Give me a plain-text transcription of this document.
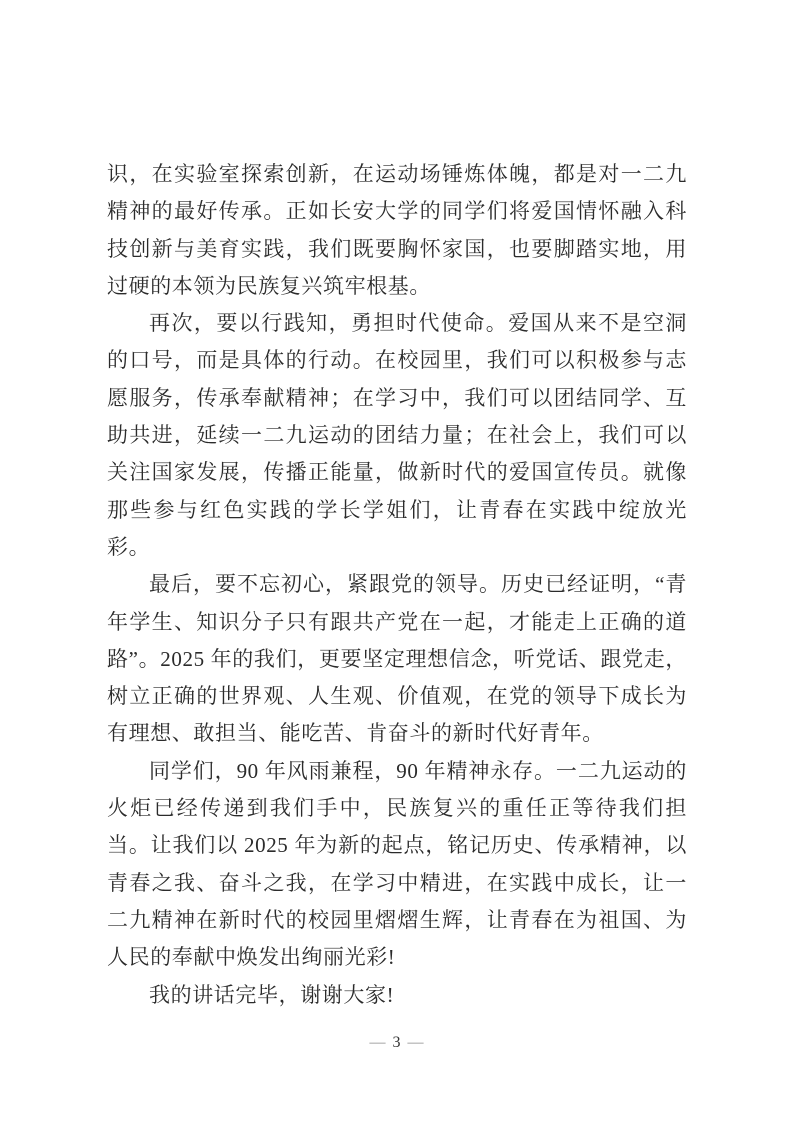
识，在实验室探索创新，在运动场锤炼体魄，都是对一二九精神的最好传承。正如长安大学的同学们将爱国情怀融入科技创新与美育实践，我们既要胸怀家国，也要脚踏实地，用过硬的本领为民族复兴筑牢根基。

再次，要以行践知，勇担时代使命。爱国从来不是空洞的口号，而是具体的行动。在校园里，我们可以积极参与志愿服务，传承奉献精神；在学习中，我们可以团结同学、互助共进，延续一二九运动的团结力量；在社会上，我们可以关注国家发展，传播正能量，做新时代的爱国宣传员。就像那些参与红色实践的学长学姐们，让青春在实践中绽放光彩。

最后，要不忘初心，紧跟党的领导。历史已经证明，“青年学生、知识分子只有跟共产党在一起，才能走上正确的道路”。2025 年的我们，更要坚定理想信念，听党话、跟党走，树立正确的世界观、人生观、价值观，在党的领导下成长为有理想、敢担当、能吃苦、肯奋斗的新时代好青年。

同学们，90 年风雨兼程，90 年精神永存。一二九运动的火炬已经传递到我们手中，民族复兴的重任正等待我们担当。让我们以 2025 年为新的起点，铭记历史、传承精神，以青春之我、奋斗之我，在学习中精进，在实践中成长，让一二九精神在新时代的校园里熠熠生辉，让青春在为祖国、为人民的奉献中焕发出绚丽光彩!

我的讲话完毕，谢谢大家!

— 3 —
